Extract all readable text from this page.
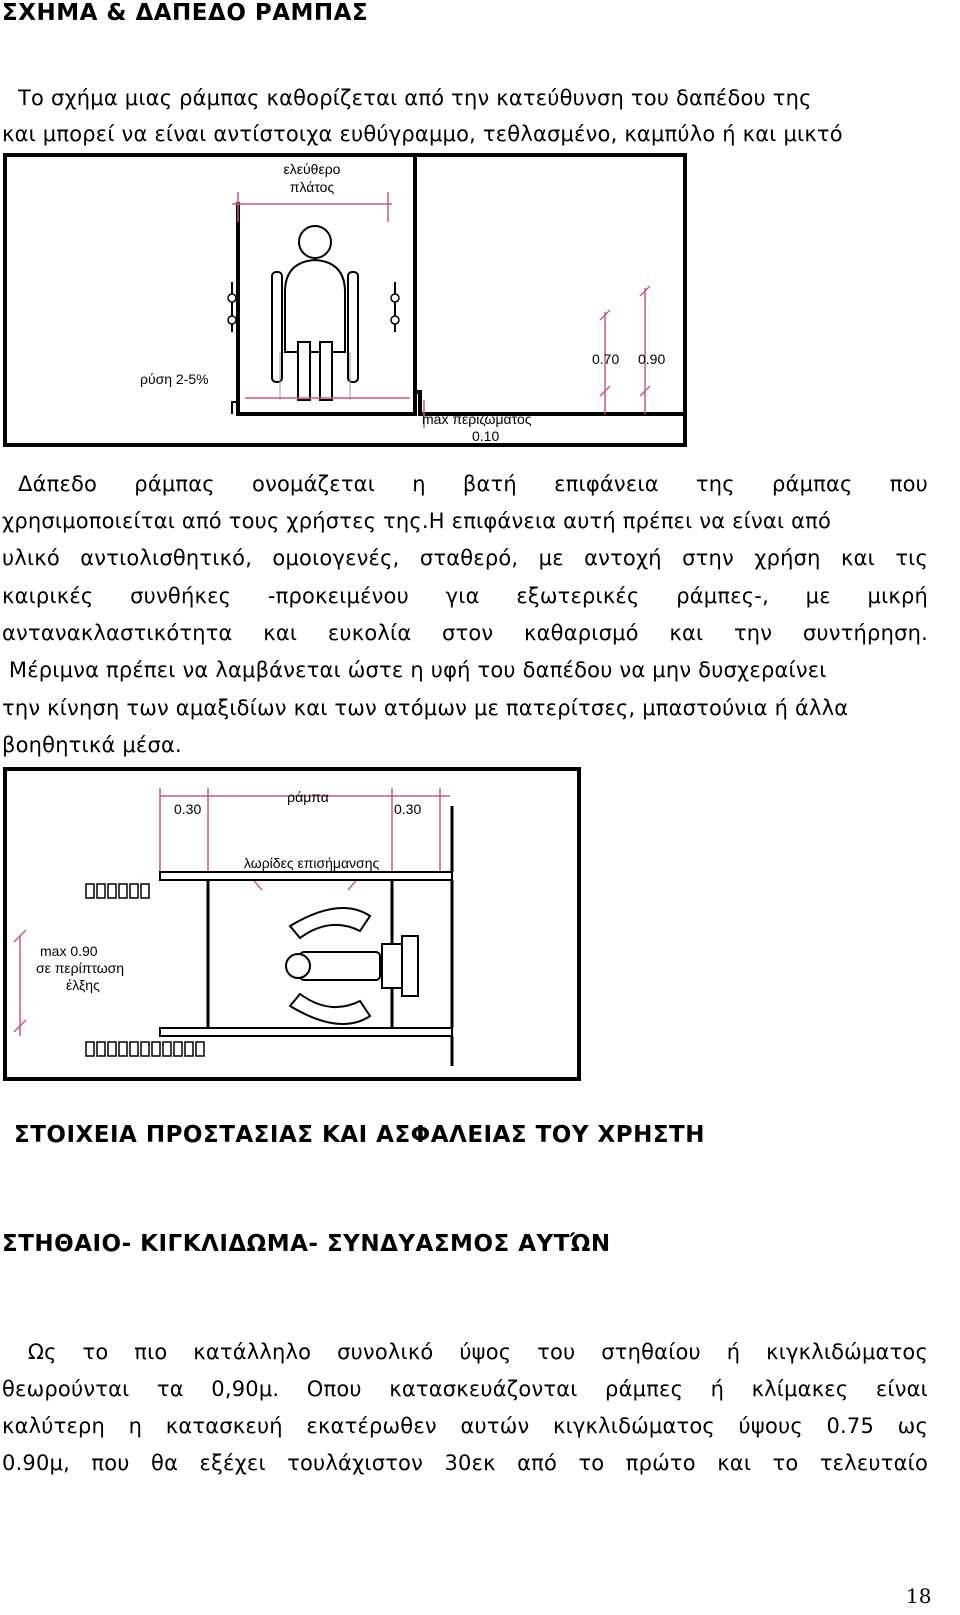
ΣΧΗΜΑ & ΔΑΠΕΔΟ ΡΑΜΠΑΣ
Το σχήμα μιας ράμπας καθορίζεται από την κατεύθυνση του δαπέδου της
και μπορεί να είναι αντίστοιχα ευθύγραμμο, τεθλασμένο, καμπύλο ή και μικτό
ελεύθερο
πλάτος
ρύση 2-5%
0.70 0.90
max περιζώματος
0.10
Δάπεδο ράμπας ονομάζεται η βατή επιφάνεια της ράμπας που
χρησιμοποιείται από τους χρήστες της.Η επιφάνεια αυτή πρέπει να είναι από
υλικό αντιολισθητικό, ομοιογενές, σταθερό, με αντοχή στην χρήση και τις
καιρικές συνθήκες -προκειμένου για εξωτερικές ράμπες-, με μικρή
αντανακλαστικότητα και ευκολία στον καθαρισμό και την συντήρηση.
Μέριμνα πρέπει να λαμβάνεται ώστε η υφή του δαπέδου να μην δυσχεραίνει
την κίνηση των αμαξιδίων και των ατόμων με πατερίτσες, μπαστούνια ή άλλα
βοηθητικά μέσα.
ράμπα
0.30	0.30
λωρίδες επισήμανσης
max 0.90
σε περίπτωση
έλξης
ΣΤΟΙΧΕΙΑ ΠΡΟΣΤΑΣΙΑΣ ΚΑΙ ΑΣΦΑΛΕΙΑΣ ΤΟΥ ΧΡΗΣΤΗ
ΣΤΗΘΑΙΟ- ΚΙΓΚΛΙΔΩΜΑ- ΣΥΝΔΥΑΣΜΟΣ ΑΥΤΏΝ
Ως το πιο κατάλληλο συνολικό ύψος του στηθαίου ή κιγκλιδώματος
θεωρούνται τα 0,90μ. Οπου κατασκευάζονται ράμπες ή κλίμακες είναι
καλύτερη η κατασκευή εκατέρωθεν αυτών κιγκλιδώματος ύψους 0.75 ως
0.90μ, που θα εξέχει τουλάχιστον 30εκ από το πρώτο και το τελευταίο
18
